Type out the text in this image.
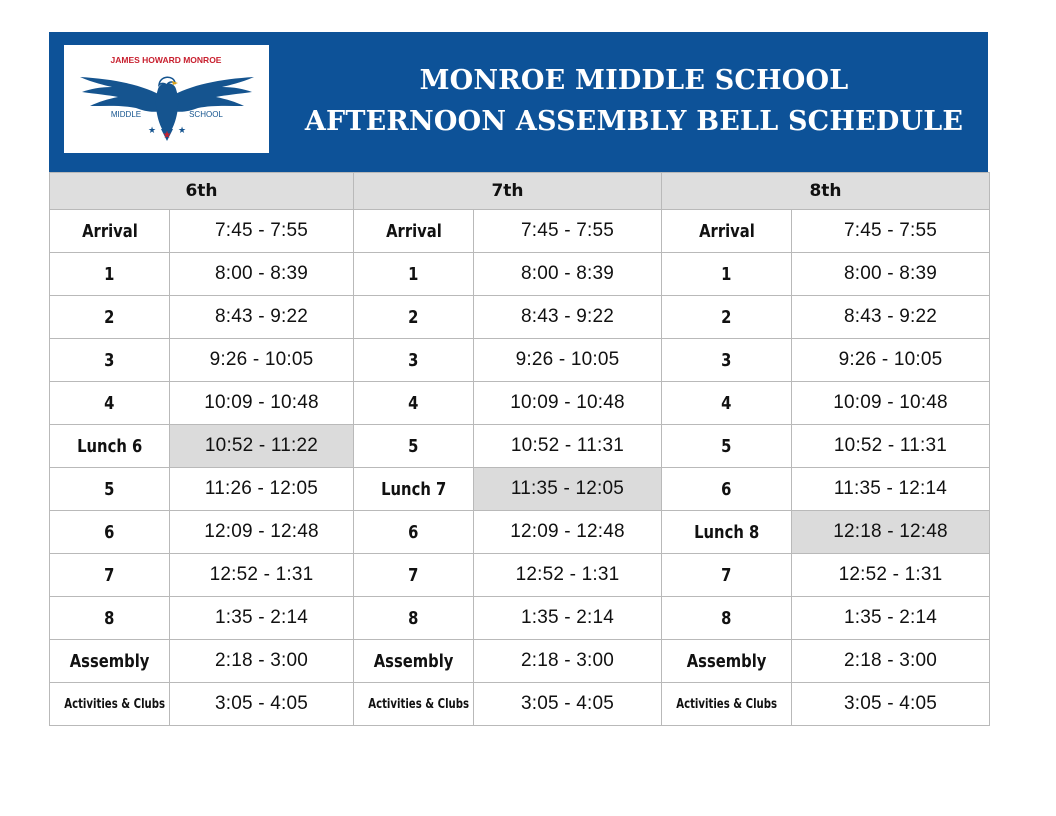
JAMES HOWARD MONROE
MIDDLE	SCHOOL
★ ★ ★
MONROE MIDDLE SCHOOL
AFTERNOON ASSEMBLY BELL SCHEDULE
6th		7th		8th	
Arrival	7:45 - 7:55	Arrival	7:45 - 7:55	Arrival	7:45 - 7:55
1	8:00 - 8:39	1	8:00 - 8:39	1	8:00 - 8:39
2	8:43 - 9:22	2	8:43 - 9:22	2	8:43 - 9:22
3	9:26 - 10:05	3	9:26 - 10:05	3	9:26 - 10:05
4	10:09 - 10:48	4	10:09 - 10:48	4	10:09 - 10:48
Lunch 6	10:52 - 11:22	5	10:52 - 11:31	5	10:52 - 11:31
5	11:26 - 12:05	Lunch 7	11:35 - 12:05	6	11:35 - 12:14
6	12:09 - 12:48	6	12:09 - 12:48	Lunch 8	12:18 - 12:48
7	12:52 - 1:31	7	12:52 - 1:31	7	12:52 - 1:31
8	1:35 - 2:14	8	1:35 - 2:14	8	1:35 - 2:14
Assembly	2:18 - 3:00	Assembly	2:18 - 3:00	Assembly	2:18 - 3:00
Activities & Clubs	3:05 - 4:05	Activities & Clubs	3:05 - 4:05	Activities & Clubs	3:05 - 4:05
